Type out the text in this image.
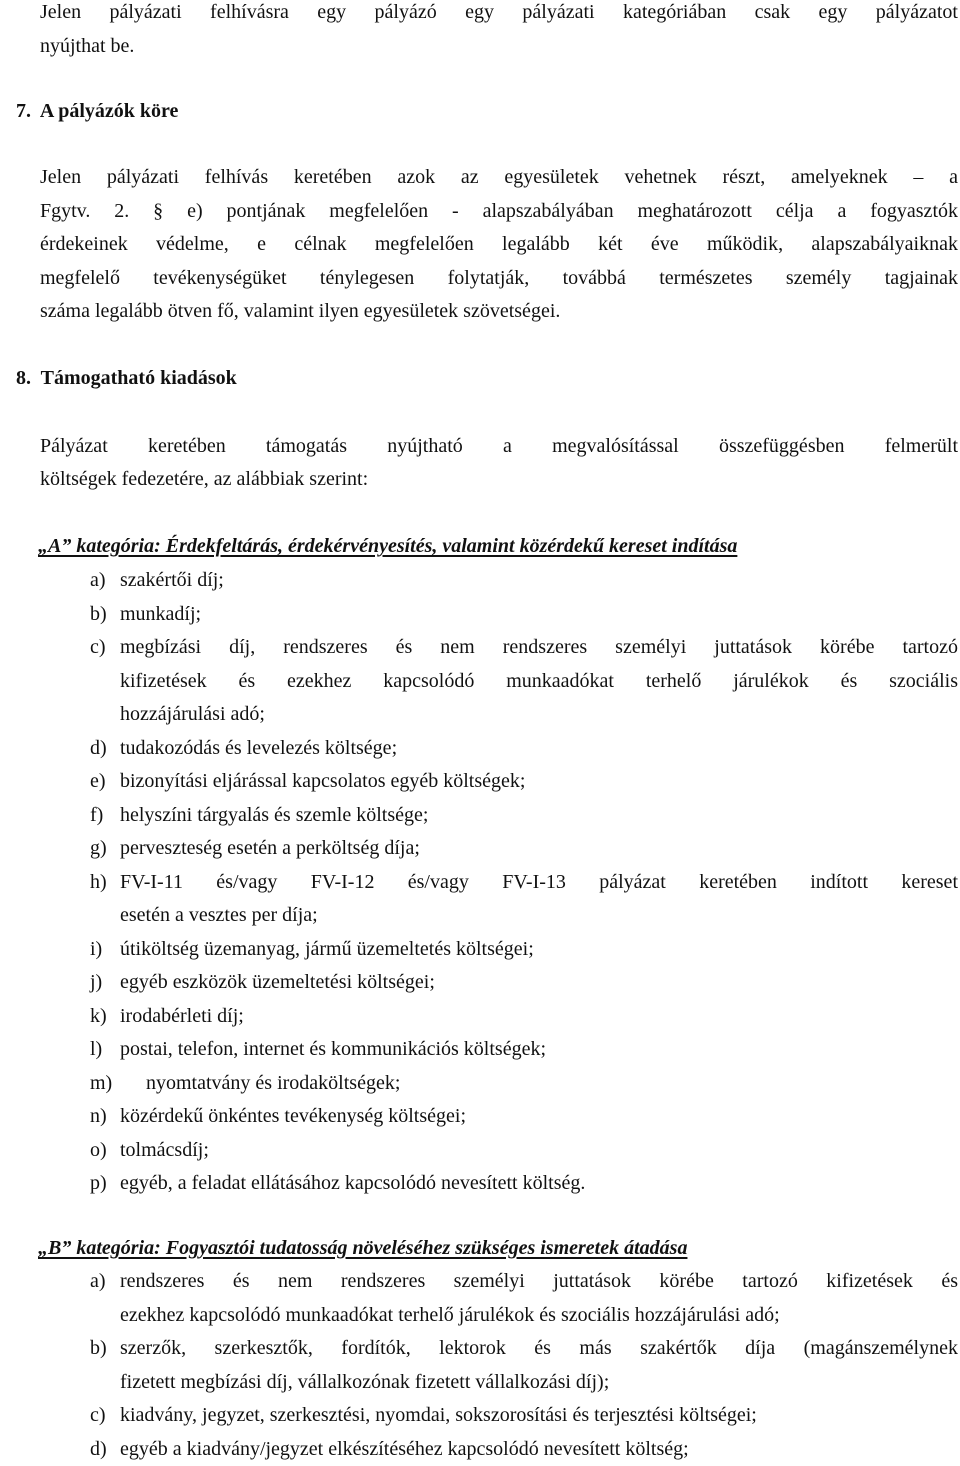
Jelen pályázati felhívásra egy pályázó egy pályázati kategóriában csak egy pályázatot

nyújthat be.

7.  A pályázók köre

Jelen pályázati felhívás keretében azok az egyesületek vehetnek részt, amelyeknek – a

Fgytv. 2. § e) pontjának megfelelően - alapszabályában meghatározott célja a fogyasztók

érdekeinek védelme, e célnak megfelelően legalább két éve működik, alapszabályaiknak

megfelelő tevékenységüket ténylegesen folytatják, továbbá természetes személy tagjainak

száma legalább ötven fő, valamint ilyen egyesületek szövetségei.

8.  Támogatható kiadások

Pályázat keretében támogatás nyújtható a megvalósítással összefüggésben felmerült

költségek fedezetére, az alábbiak szerint:

„A” kategória: Érdekfeltárás, érdekérvényesítés, valamint közérdekű kereset indítása
a) szakértői díj;
b) munkadíj;
c) megbízási díj, rendszeres és nem rendszeres személyi juttatások körébe tartozó
kifizetések és ezekhez kapcsolódó munkaadókat terhelő járulékok és szociális
hozzájárulási adó;
d) tudakozódás és levelezés költsége;
e) bizonyítási eljárással kapcsolatos egyéb költségek;
f) helyszíni tárgyalás és szemle költsége;
g) perveszteség esetén a perköltség díja;
h) FV-I-11 és/vagy FV-I-12 és/vagy FV-I-13 pályázat keretében indított kereset
esetén a vesztes per díja;
i) útiköltség üzemanyag, jármű üzemeltetés költségei;
j) egyéb eszközök üzemeltetési költségei;
k) irodabérleti díj;
l) postai, telefon, internet és kommunikációs költségek;
m) nyomtatvány és irodaköltségek;
n) közérdekű önkéntes tevékenység költségei;
o) tolmácsdíj;
p) egyéb, a feladat ellátásához kapcsolódó nevesített költség.
„B” kategória: Fogyasztói tudatosság növeléséhez szükséges ismeretek átadása
a) rendszeres és nem rendszeres személyi juttatások körébe tartozó kifizetések és
ezekhez kapcsolódó munkaadókat terhelő járulékok és szociális hozzájárulási adó;
b) szerzők, szerkesztők, fordítók, lektorok és más szakértők díja (magánszemélynek
fizetett megbízási díj, vállalkozónak fizetett vállalkozási díj);
c) kiadvány, jegyzet, szerkesztési, nyomdai, sokszorosítási és terjesztési költségei;
d) egyéb a kiadvány/jegyzet elkészítéséhez kapcsolódó nevesített költség;
